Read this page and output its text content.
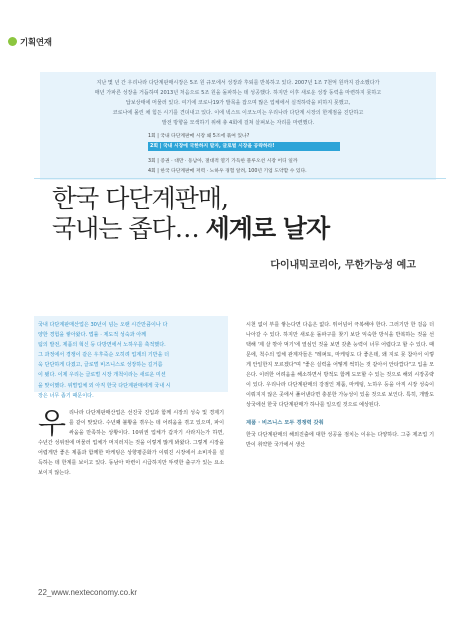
기획연재

지난 몇 년 간 우리나라 다단계판매시장은 5조 원 규모에서 성장과 후퇴를 반복하고 있다. 2007년 1조 7천억 원까지 감소했다가

매년 가파른 성장을 거듭하며 2013년 처음으로 5조 원을 돌파하는 데 성공했다. 하지만 이후 새로운 성장 동력을 마련하지 못하고

답보상태에 머물러 있다. 여기에 코로나19가 발목을 잡으며 많은 업체에서 실적하락을 피하지 못했고,

코로나에 몰린 채 힘든 시기를 견뎌내고 있다. 이에 넥스트 이코노미는 우리나라 다단계 시장의 한계점을 진단하고

발전 방향을 모색하기 위해 총 4회에 걸쳐 살펴보는 자리를 마련했다.

1회 | 국내 다단계판매 시장 왜 5조에 묶여 있나?
2회 | 국내 시장에 국한하지 말자, 글로벌 시장을 공략하라!
3회 | 증권 · 대만 · 동남아, 절대적 열기 가득한 블루오션 시장 어디 일까
4회 | 한국 다단계판매 저력 · 노하우 경험 알려, 100년 기업 도약할 수 있다.
한국 다단계판매,
국내는 좁다… 세계로 날자
다이내믹코리아, 무한가능성 예고

국내 다단계판매산업은 30년이 넘는 오랜 시간만큼이나 다

양한 경험을 쌓아왔다. 법률 · 제도적 성숙과 아께

팀의 발전, 제품의 혁신 등 다방면에서 노하우를 축적했다.

그 과정에서 경쟁이 같은 우후죽순 오히려 업계의 기반을 더

욱 단단하게 다졌고, 글로벌 비즈니스로 성장하는 길거름

이 됐다. 이제 우리는 글로벌 시장 개척이라는 새로운 미션

을 맞이했다. 위벌업체 외 아직 한국 다단계판매에게 국내 시

장은 너무 좁기 때문이다.

우 리나라 다단계판매산업은 선진국 진입과 함께 시장의 성숙 및 경제기를 같이 맞았다. 수년째 불황을 겪우는 데 어려움을 겪고 있으며, 파이싸움을 만족하는 상황이다. 10위권 업체가 갑자기 사라지는가 하면, 수년간 성위권에 머물러 업체가 머지러지는 것을 이렇게 많게 봐왔다. 그렇게 시장을 어렵게만 좋은 제품과 함께한 마케팅은 상향평준화가 이뤄진 시장에서 소비자를 설득하는 데 한계를 보이고 있다. 동남아 마련이 시급하지만 뚜렷한 출구가 있는 요소 보이지 않는다.

시천 없이 부를 쌓는다면 다음은 없다. 뛰어넘어 극복해야 한다. 그러기만 한 걸음 더 나아갈 수 있다. 하지만 새로운 돌파구를 찾기 보단 익숙한 방식을 반복하는 것을 선택해 '제 살 깎아 먹기'에 열심인 것을 보면 갖춘 능력이 너무 어렵다고 할 수 있다. 때문에, 척수의 업체 관계자들은 "레퍼토, 마케팅도 다 좋은데, 왜 지로 못 참아서 이렇게 안일한지 모르겠다"며 "좋은 실력을 어떻게 썩히는 것 같아서 안타깝다"고 입을 모은다. 이러한 어려움을 해소하면서 방적도 함께 도모할 수 있는 것으로 해외 시장공략이 있다. 우리나라 다단계판매의 강점인 제품, 마케팅, 노하우 등을 아직 시장 성숙이 이뤄지지 않은 곳에서 풀어낸다면 충분한 가능성이 있을 것으로 보인다. 특히, 개발도상국에선 한국 다단계판매가 하나를 일으킬 것으로 예상된다.

제품 · 비즈니스 모두 경쟁력 갖춰

한국 다단계판매의 해외진출에 대한 성공을 점치는 이유는 다양하다. 그중 제조업 기반이 취약한 국가에서 생산

22_www.nexteconomy.co.kr
